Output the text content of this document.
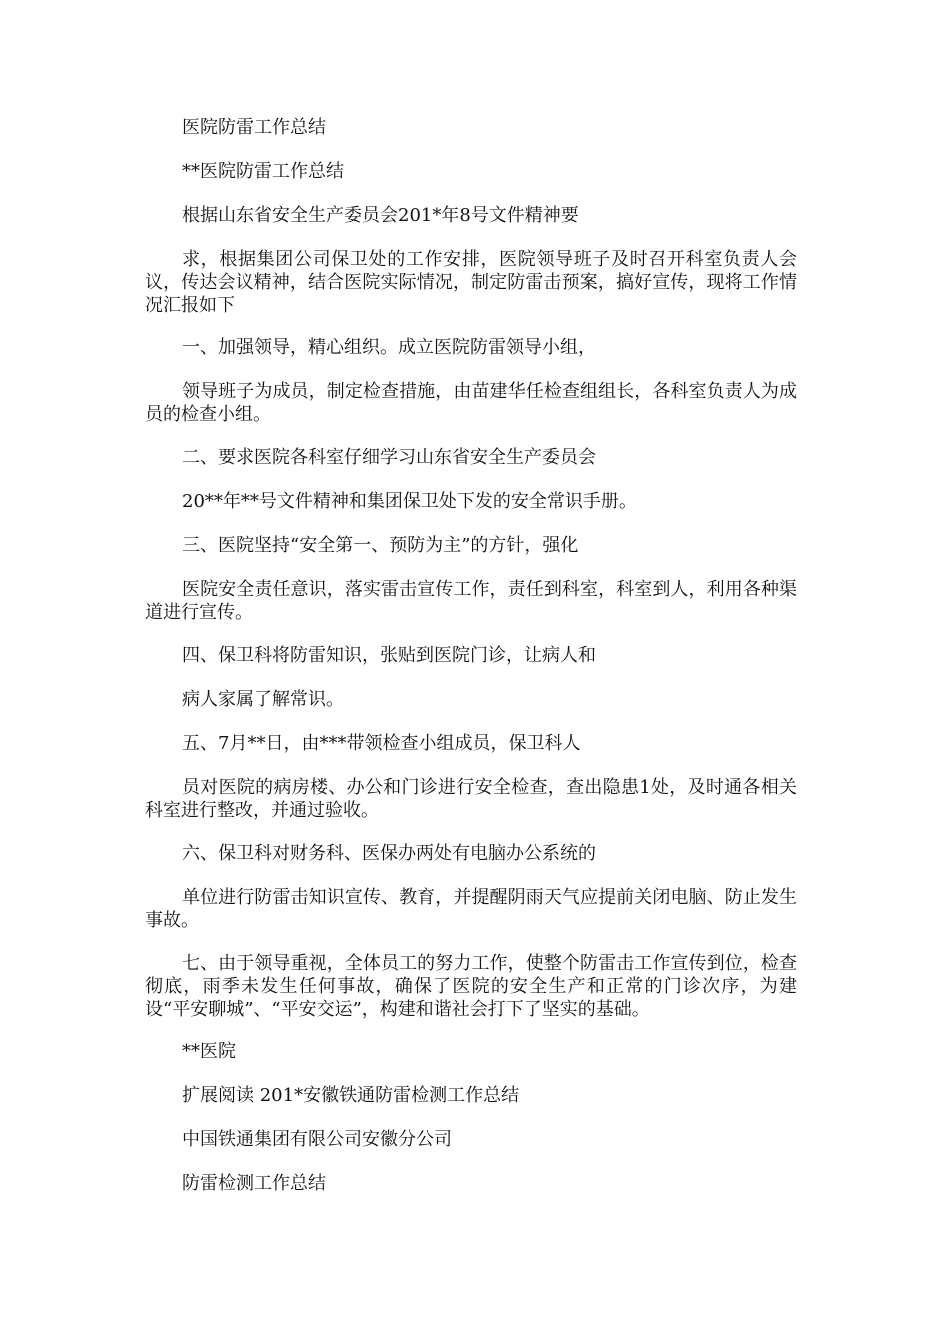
医院防雷工作总结

**医院防雷工作总结

根据山东省安全生产委员会201*年8号文件精神要

求，根据集团公司保卫处的工作安排，医院领导班子及时召开科室负责人会议，传达会议精神，结合医院实际情况，制定防雷击预案，搞好宣传，现将工作情况汇报如下

一、加强领导，精心组织。成立医院防雷领导小组，

领导班子为成员，制定检查措施，由苗建华任检查组组长，各科室负责人为成员的检查小组。

二、要求医院各科室仔细学习山东省安全生产委员会

20**年**号文件精神和集团保卫处下发的安全常识手册。

三、医院坚持“安全第一、预防为主”的方针，强化

医院安全责任意识，落实雷击宣传工作，责任到科室，科室到人，利用各种渠道进行宣传。

四、保卫科将防雷知识，张贴到医院门诊，让病人和

病人家属了解常识。

五、7月**日，由***带领检查小组成员，保卫科人

员对医院的病房楼、办公和门诊进行安全检查，查出隐患1处，及时通各相关科室进行整改，并通过验收。

六、保卫科对财务科、医保办两处有电脑办公系统的

单位进行防雷击知识宣传、教育，并提醒阴雨天气应提前关闭电脑、防止发生事故。

七、由于领导重视，全体员工的努力工作，使整个防雷击工作宣传到位，检查彻底，雨季未发生任何事故，确保了医院的安全生产和正常的门诊次序，为建设“平安聊城”、“平安交运”，构建和谐社会打下了坚实的基础。

**医院

扩展阅读 201*安徽铁通防雷检测工作总结

中国铁通集团有限公司安徽分公司

防雷检测工作总结
